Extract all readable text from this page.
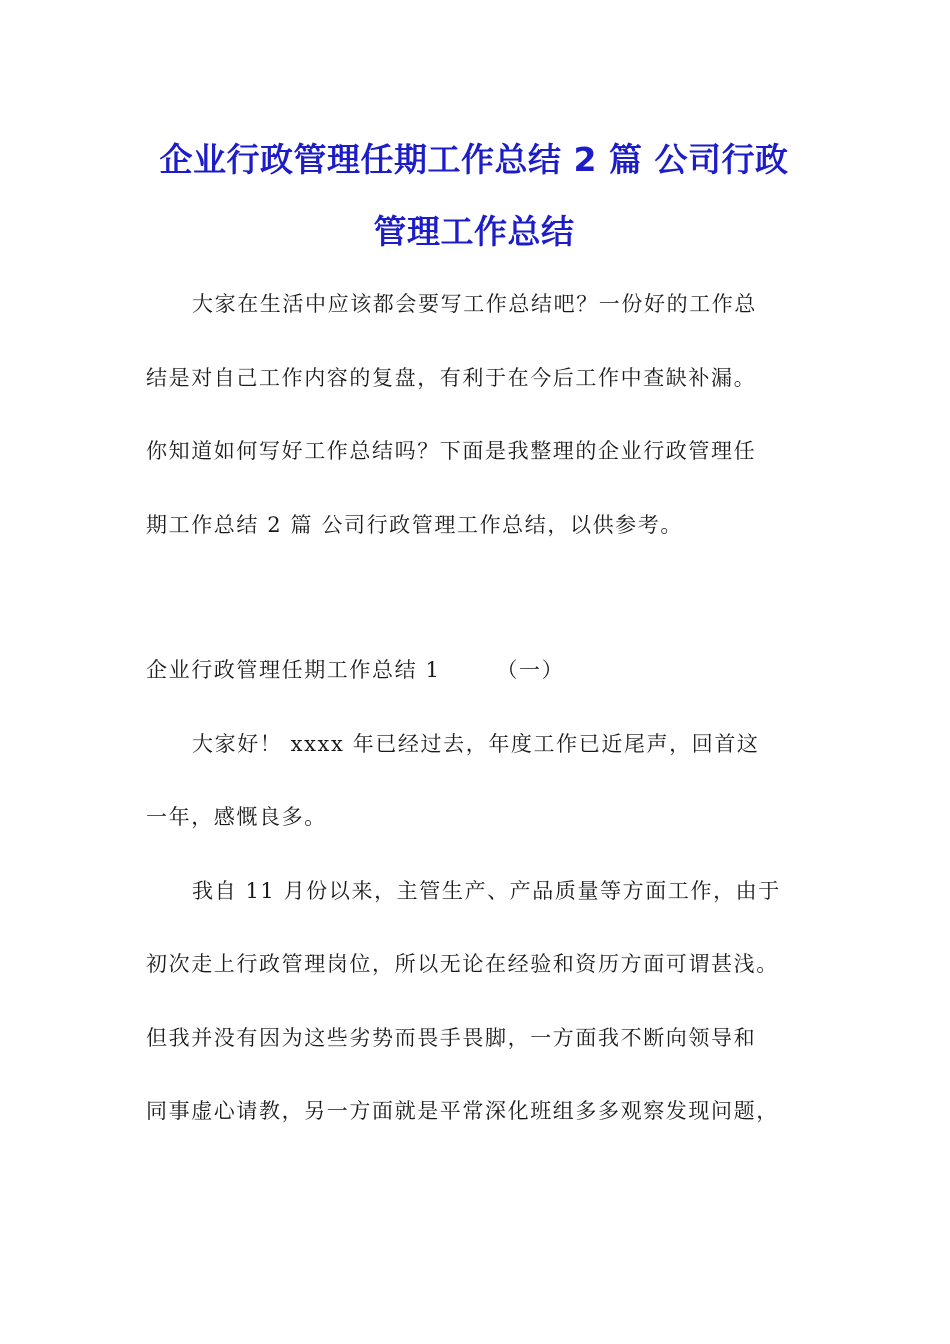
企业行政管理任期工作总结 2 篇 公司行政
管理工作总结

大家在生活中应该都会要写工作总结吧？一份好的工作总
结是对自己工作内容的复盘，有利于在今后工作中查缺补漏。
你知道如何写好工作总结吗？下面是我整理的企业行政管理任
期工作总结 2 篇 公司行政管理工作总结，以供参考。

企业行政管理任期工作总结 1	（一）

大家好！ xxxx 年已经过去，年度工作已近尾声，回首这
一年，感慨良多。

我自 11 月份以来，主管生产、产品质量等方面工作，由于
初次走上行政管理岗位，所以无论在经验和资历方面可谓甚浅。
但我并没有因为这些劣势而畏手畏脚，一方面我不断向领导和
同事虚心请教，另一方面就是平常深化班组多多观察发现问题，
